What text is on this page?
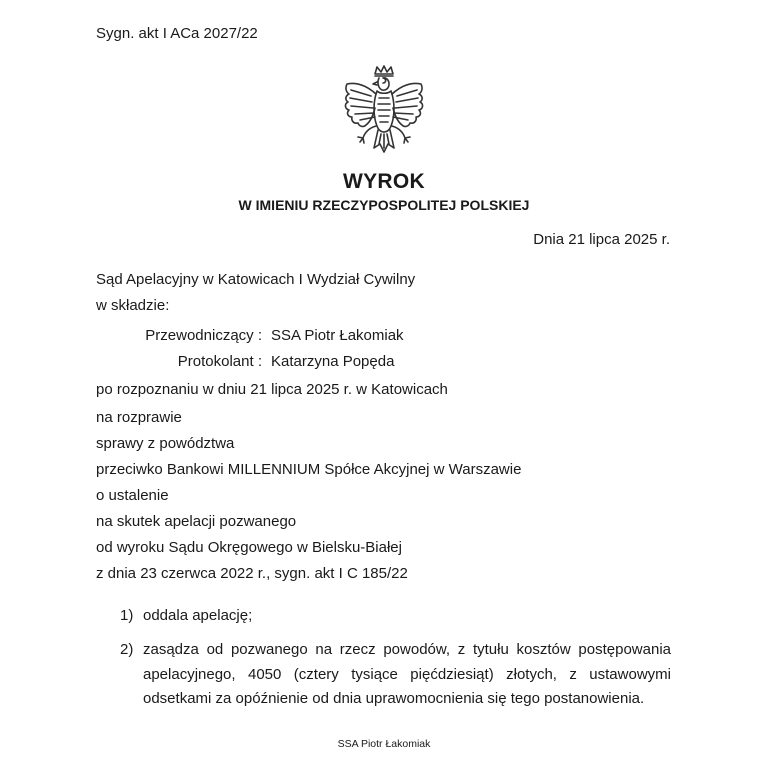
Sygn. akt I ACa 2027/22
WYROK
W IMIENIU RZECZYPOSPOLITEJ POLSKIEJ
Dnia 21 lipca 2025 r.
Sąd Apelacyjny w Katowicach I Wydział Cywilny
w składzie:
Przewodniczący : SSA Piotr Łakomiak
Protokolant : Katarzyna Popęda
po rozpoznaniu w dniu 21 lipca 2025 r. w Katowicach
na rozprawie
sprawy z powództwa
przeciwko Bankowi MILLENNIUM Spółce Akcyjnej w Warszawie
o ustalenie
na skutek apelacji pozwanego
od wyroku Sądu Okręgowego w Bielsku-Białej
z dnia 23 czerwca 2022 r., sygn. akt I C 185/22
1) oddala apelację;
2) zasądza od pozwanego na rzecz powodów, z tytułu kosztów postępowania
apelacyjnego, 4050 (cztery tysiące pięćdziesiąt) złotych, z ustawowymi
odsetkami za opóźnienie od dnia uprawomocnienia się tego postanowienia.
SSA Piotr Łakomiak
